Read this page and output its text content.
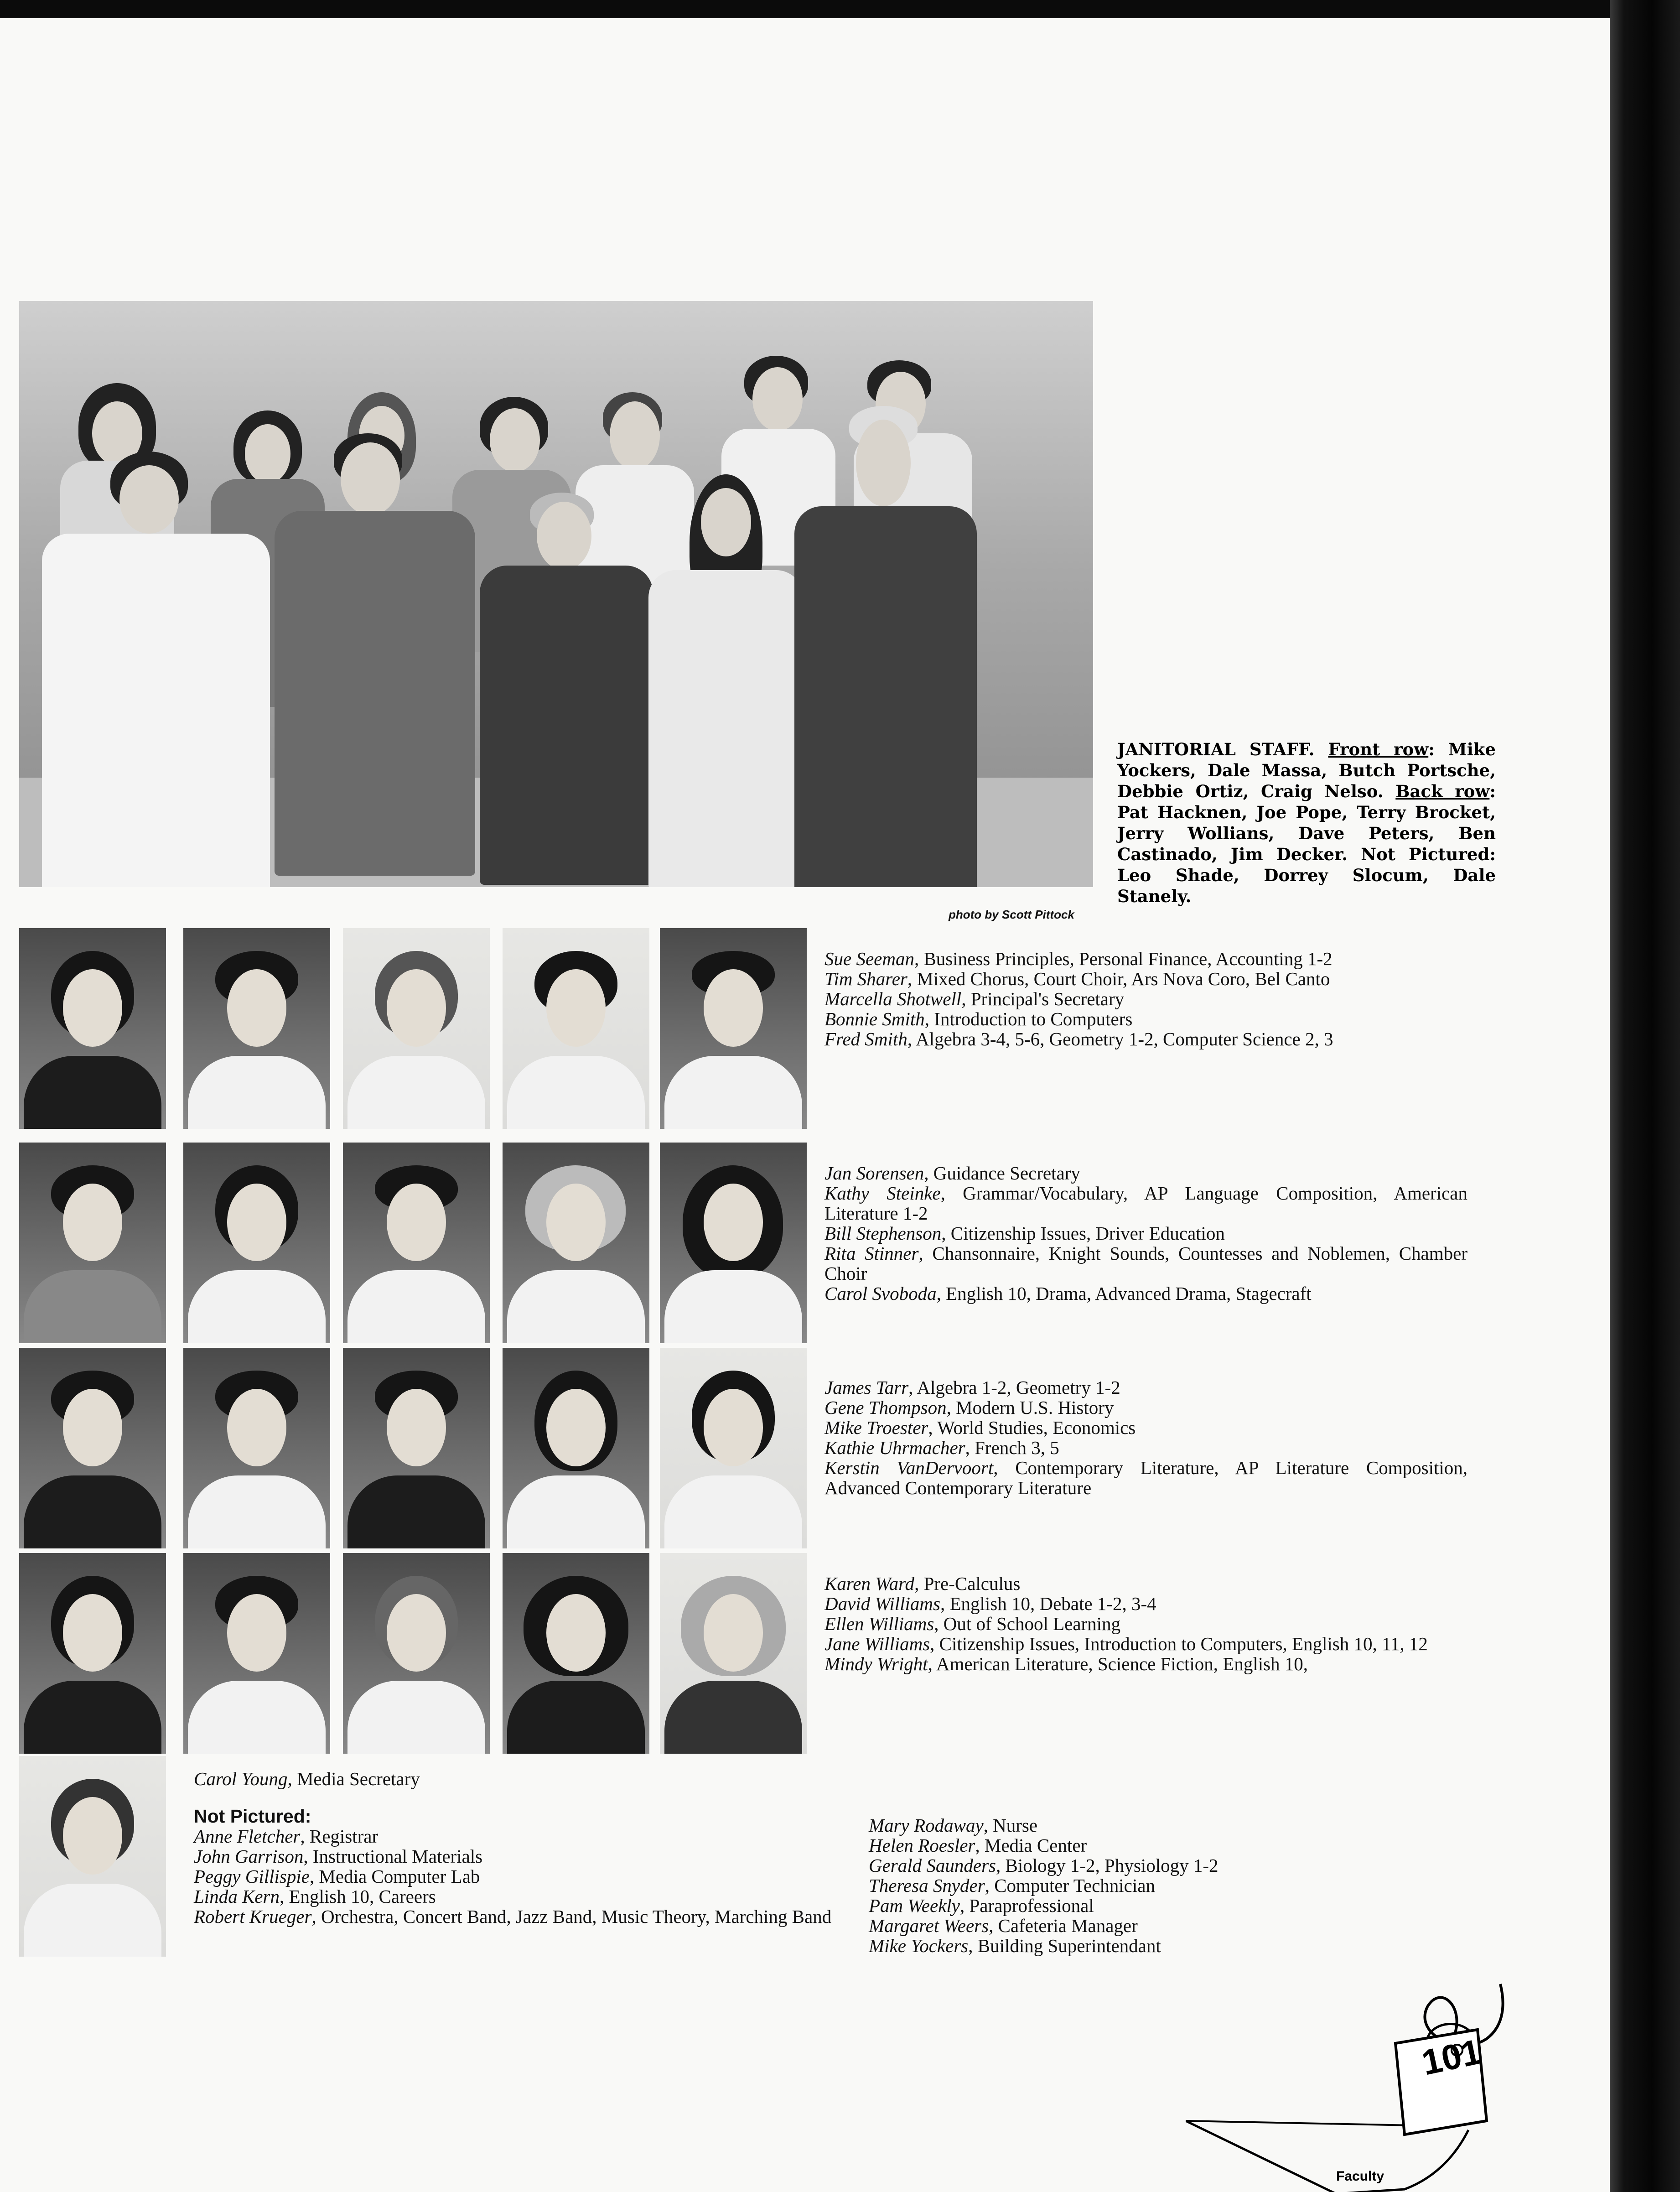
photo by Scott Pittock
JANITORIAL STAFF. Front row: Mike Yockers, Dale Massa, Butch Portsche, Debbie Ortiz, Craig Nelso. Back row: Pat Hacknen, Joe Pope, Terry Brocket, Jerry Wollians, Dave Peters, Ben Castinado, Jim Decker. Not Pictured: Leo Shade, Dorrey Slocum, Dale Stanely.

Sue Seeman, Business Principles, Personal Finance, Accounting 1-2

Tim Sharer, Mixed Chorus, Court Choir, Ars Nova Coro, Bel Canto

Marcella Shotwell, Principal's Secretary

Bonnie Smith, Introduction to Computers

Fred Smith, Algebra 3-4, 5-6, Geometry 1-2, Computer Science 2, 3

Jan Sorensen, Guidance Secretary

Kathy Steinke, Grammar/Vocabulary, AP Language Composition, American Literature 1-2

Bill Stephenson, Citizenship Issues, Driver Education

Rita Stinner, Chansonnaire, Knight Sounds, Countesses and Noblemen, Chamber Choir

Carol Svoboda, English 10, Drama, Advanced Drama, Stagecraft

James Tarr, Algebra 1-2, Geometry 1-2

Gene Thompson, Modern U.S. History

Mike Troester, World Studies, Economics

Kathie Uhrmacher, French 3, 5

Kerstin VanDervoort, Contemporary Literature, AP Literature Composition, Advanced Contemporary Literature

Karen Ward, Pre-Calculus

David Williams, English 10, Debate 1-2, 3-4

Ellen Williams, Out of School Learning

Jane Williams, Citizenship Issues, Introduction to Computers, English 10, 11, 12

Mindy Wright, American Literature, Science Fiction, English 10,

Carol Young, Media Secretary

Not Pictured:

Anne Fletcher, Registrar

John Garrison, Instructional Materials

Peggy Gillispie, Media Computer Lab

Linda Kern, English 10, Careers

Robert Krueger, Orchestra, Concert Band, Jazz Band, Music Theory, Marching Band

Mary Rodaway, Nurse

Helen Roesler, Media Center

Gerald Saunders, Biology 1-2, Physiology 1-2

Theresa Snyder, Computer Technician

Pam Weekly, Paraprofessional

Margaret Weers, Cafeteria Manager

Mike Yockers, Building Superintendant

101
Faculty
